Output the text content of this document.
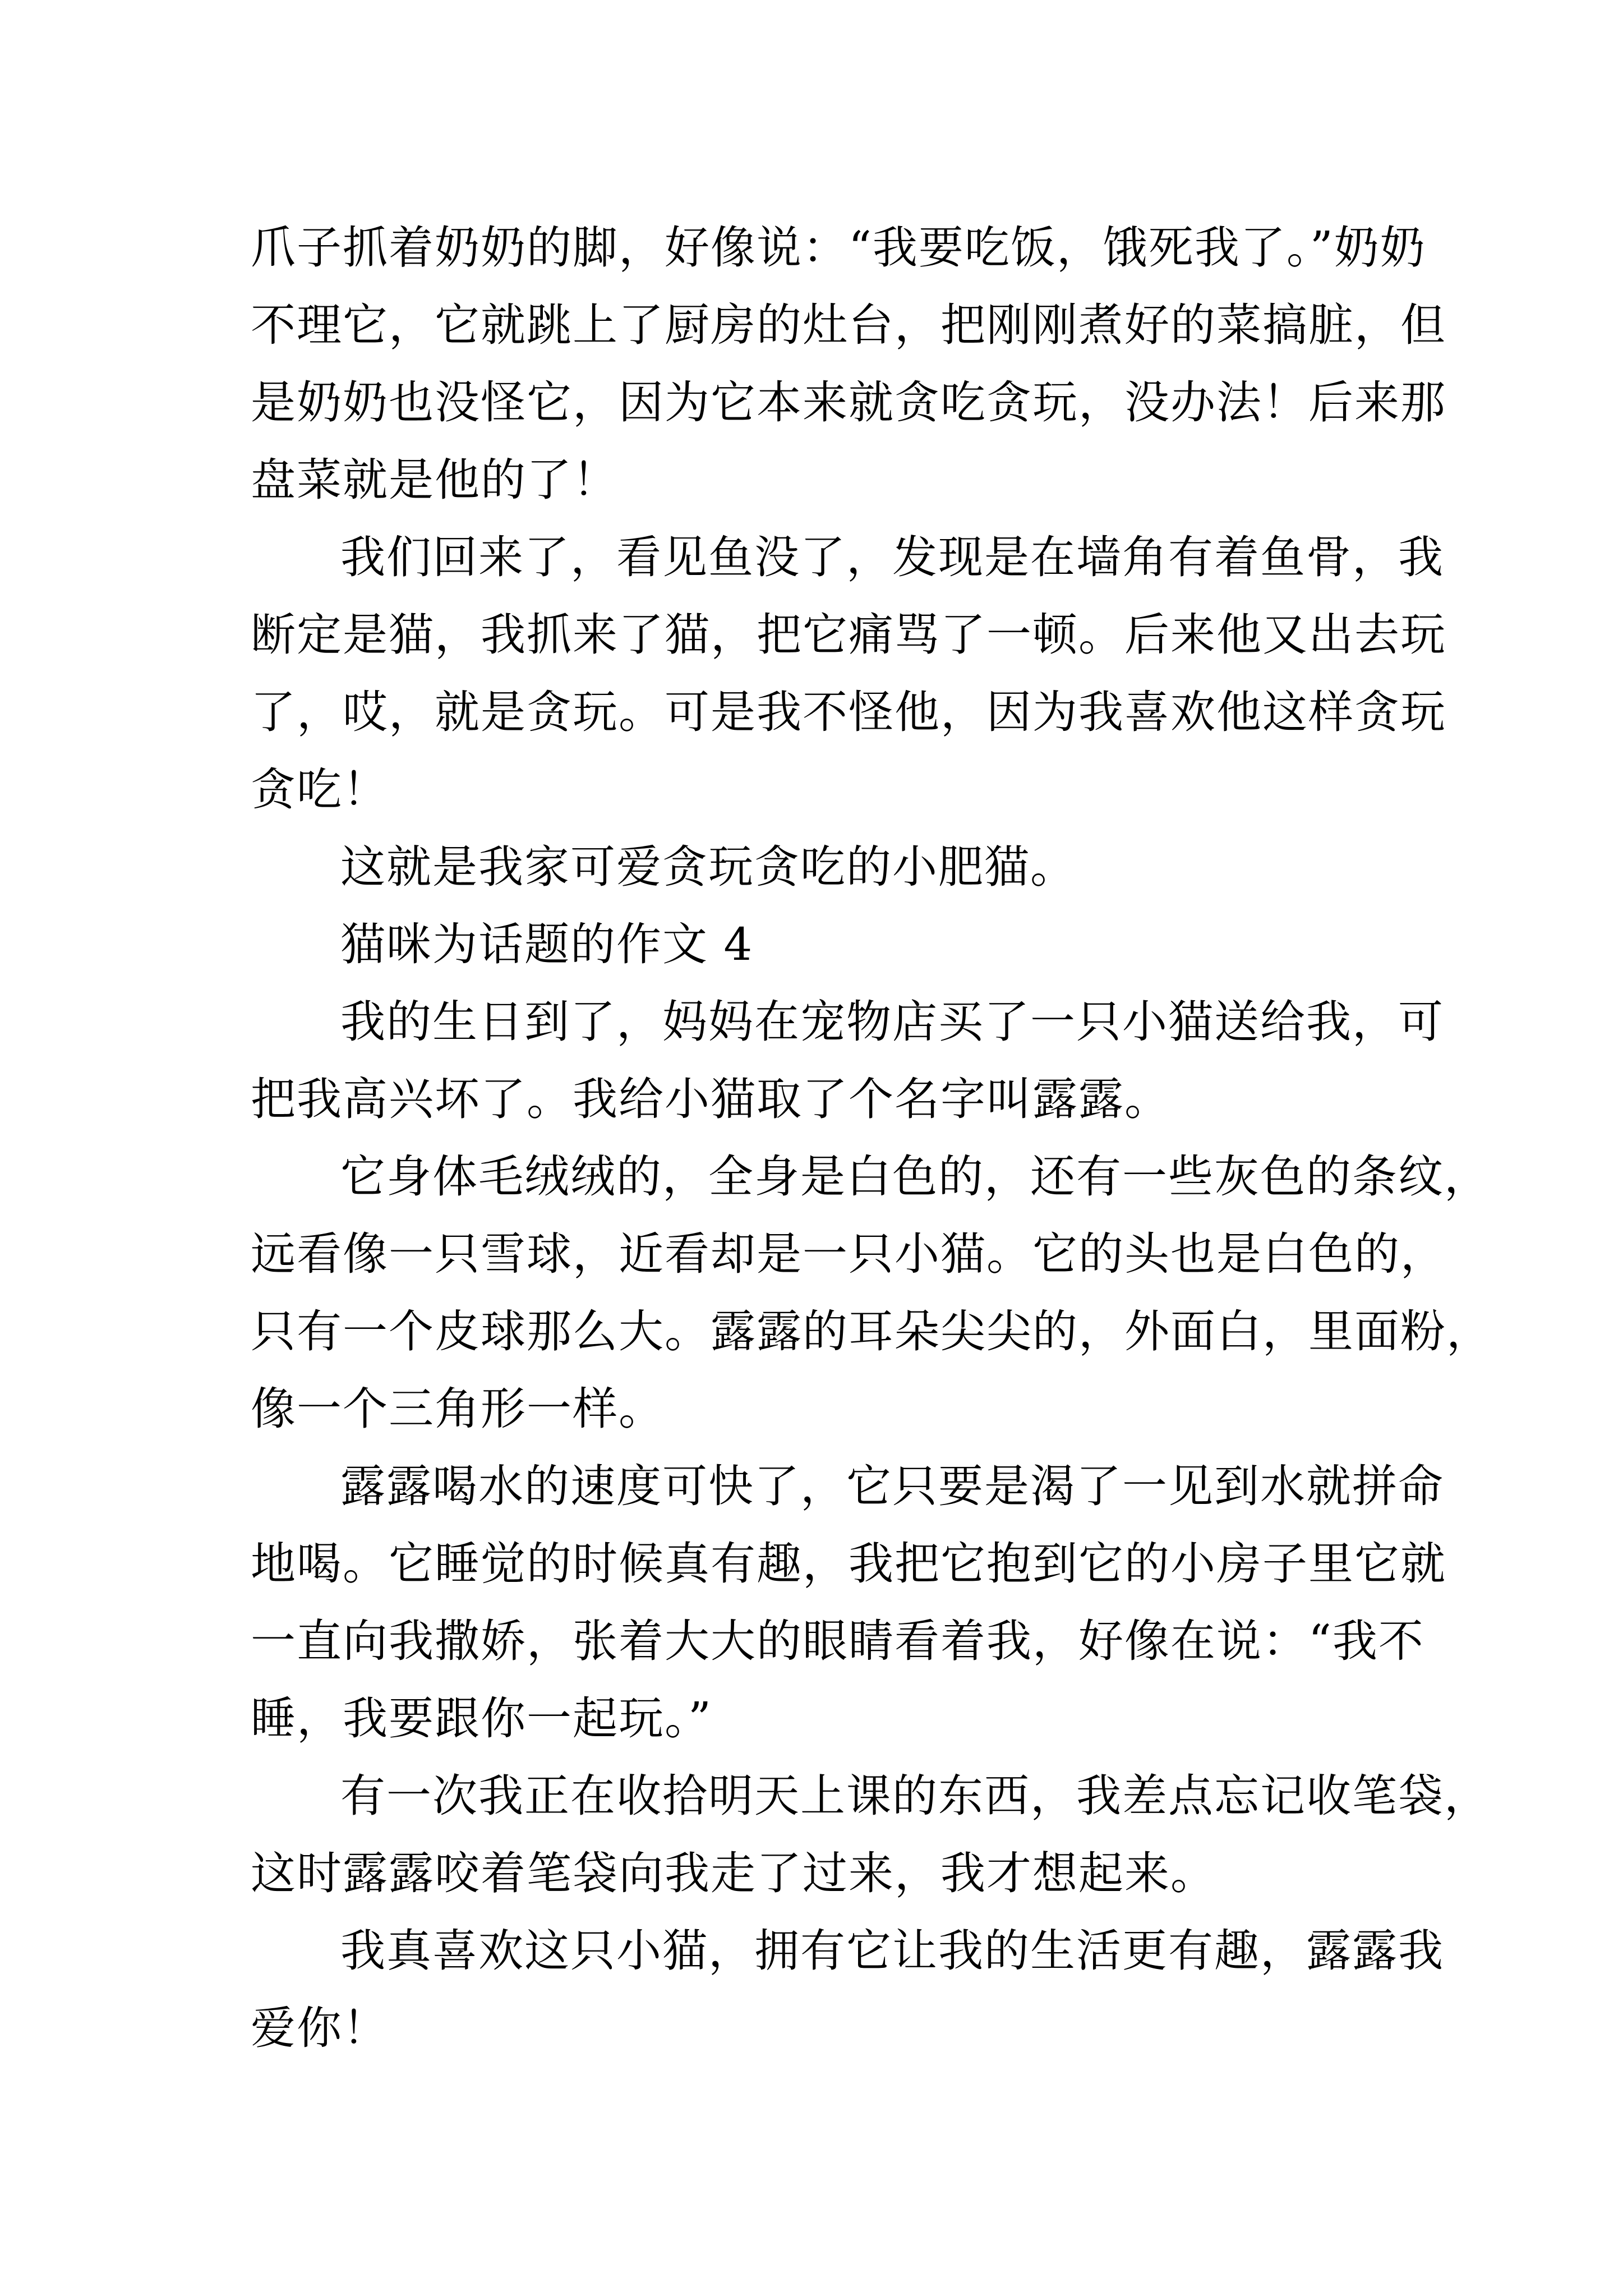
爪子抓着奶奶的脚，好像说：“我要吃饭，饿死我了。”奶奶
不理它，它就跳上了厨房的灶台，把刚刚煮好的菜搞脏，但
是奶奶也没怪它，因为它本来就贪吃贪玩，没办法！后来那
盘菜就是他的了！
我们回来了，看见鱼没了，发现是在墙角有着鱼骨，我
断定是猫，我抓来了猫，把它痛骂了一顿。后来他又出去玩
了，哎，就是贪玩。可是我不怪他，因为我喜欢他这样贪玩
贪吃！
这就是我家可爱贪玩贪吃的小肥猫。
猫咪为话题的作文 4
我的生日到了，妈妈在宠物店买了一只小猫送给我，可
把我高兴坏了。我给小猫取了个名字叫露露。
它身体毛绒绒的，全身是白色的，还有一些灰色的条纹，
远看像一只雪球，近看却是一只小猫。它的头也是白色的，
只有一个皮球那么大。露露的耳朵尖尖的，外面白，里面粉，
像一个三角形一样。
露露喝水的速度可快了，它只要是渴了一见到水就拼命
地喝。它睡觉的时候真有趣，我把它抱到它的小房子里它就
一直向我撒娇，张着大大的眼睛看着我，好像在说：“我不
睡，我要跟你一起玩。”
有一次我正在收拾明天上课的东西，我差点忘记收笔袋，
这时露露咬着笔袋向我走了过来，我才想起来。
我真喜欢这只小猫，拥有它让我的生活更有趣，露露我
爱你！
